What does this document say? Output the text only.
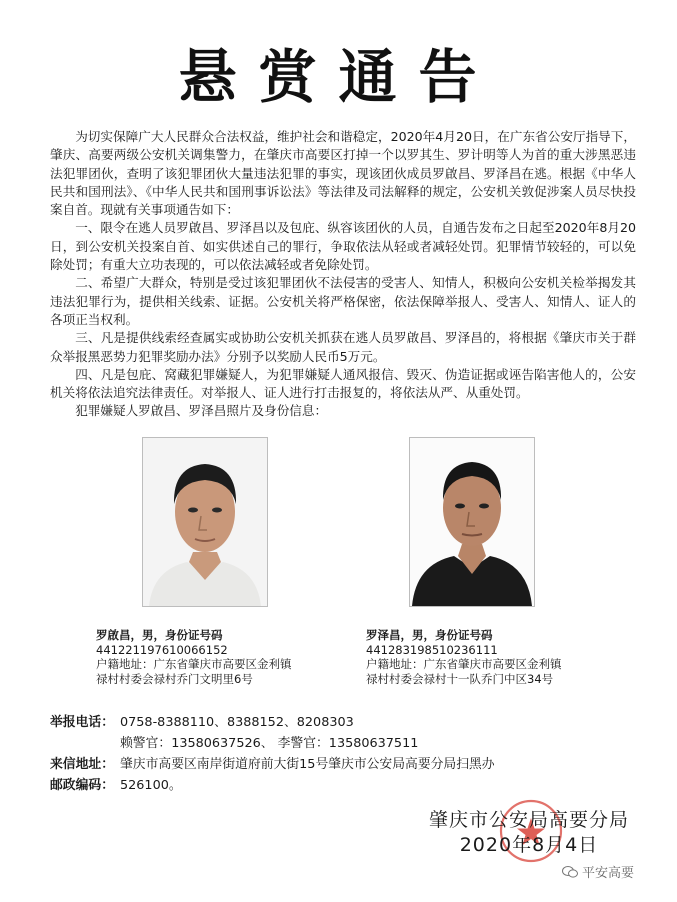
悬赏通告

为切实保障广大人民群众合法权益，维护社会和谐稳定，2020年4月20日，在广东省公安厅指导下，肇庆、高要两级公安机关调集警力，在肇庆市高要区打掉一个以罗其生、罗计明等人为首的重大涉黑恶违法犯罪团伙，查明了该犯罪团伙大量违法犯罪的事实，现该团伙成员罗啟昌、罗泽昌在逃。根据《中华人民共和国刑法》、《中华人民共和国刑事诉讼法》等法律及司法解释的规定，公安机关敦促涉案人员尽快投案自首。现就有关事项通告如下：

一、限令在逃人员罗啟昌、罗泽昌以及包庇、纵容该团伙的人员，自通告发布之日起至2020年8月20日，到公安机关投案自首、如实供述自己的罪行，争取依法从轻或者减轻处罚。犯罪情节较轻的，可以免除处罚；有重大立功表现的，可以依法减轻或者免除处罚。

二、希望广大群众，特别是受过该犯罪团伙不法侵害的受害人、知情人，积极向公安机关检举揭发其违法犯罪行为，提供相关线索、证据。公安机关将严格保密，依法保障举报人、受害人、知情人、证人的各项正当权利。

三、凡是提供线索经查属实或协助公安机关抓获在逃人员罗啟昌、罗泽昌的，将根据《肇庆市关于群众举报黑恶势力犯罪奖励办法》分别予以奖励人民币5万元。

四、凡是包庇、窝藏犯罪嫌疑人，为犯罪嫌疑人通风报信、毁灭、伪造证据或诬告陷害他人的，公安机关将依法追究法律责任。对举报人、证人进行打击报复的，将依法从严、从重处罚。

犯罪嫌疑人罗啟昌、罗泽昌照片及身份信息：

罗啟昌，男，身份证号码
441221197610066152
户籍地址：广东省肇庆市高要区金利镇
禄村村委会禄村乔门文明里6号
罗泽昌，男，身份证号码
441283198510236111
户籍地址：广东省肇庆市高要区金利镇
禄村村委会禄村十一队乔门中区34号
举报电话： 0758-8388110、8388152、8208303
赖警官：13580637526、 李警官：13580637511
来信地址： 肇庆市高要区南岸街道府前大街15号肇庆市公安局高要分局扫黑办
邮政编码： 526100。
肇庆市公安局高要分局
2020年8月4日
平安高要
